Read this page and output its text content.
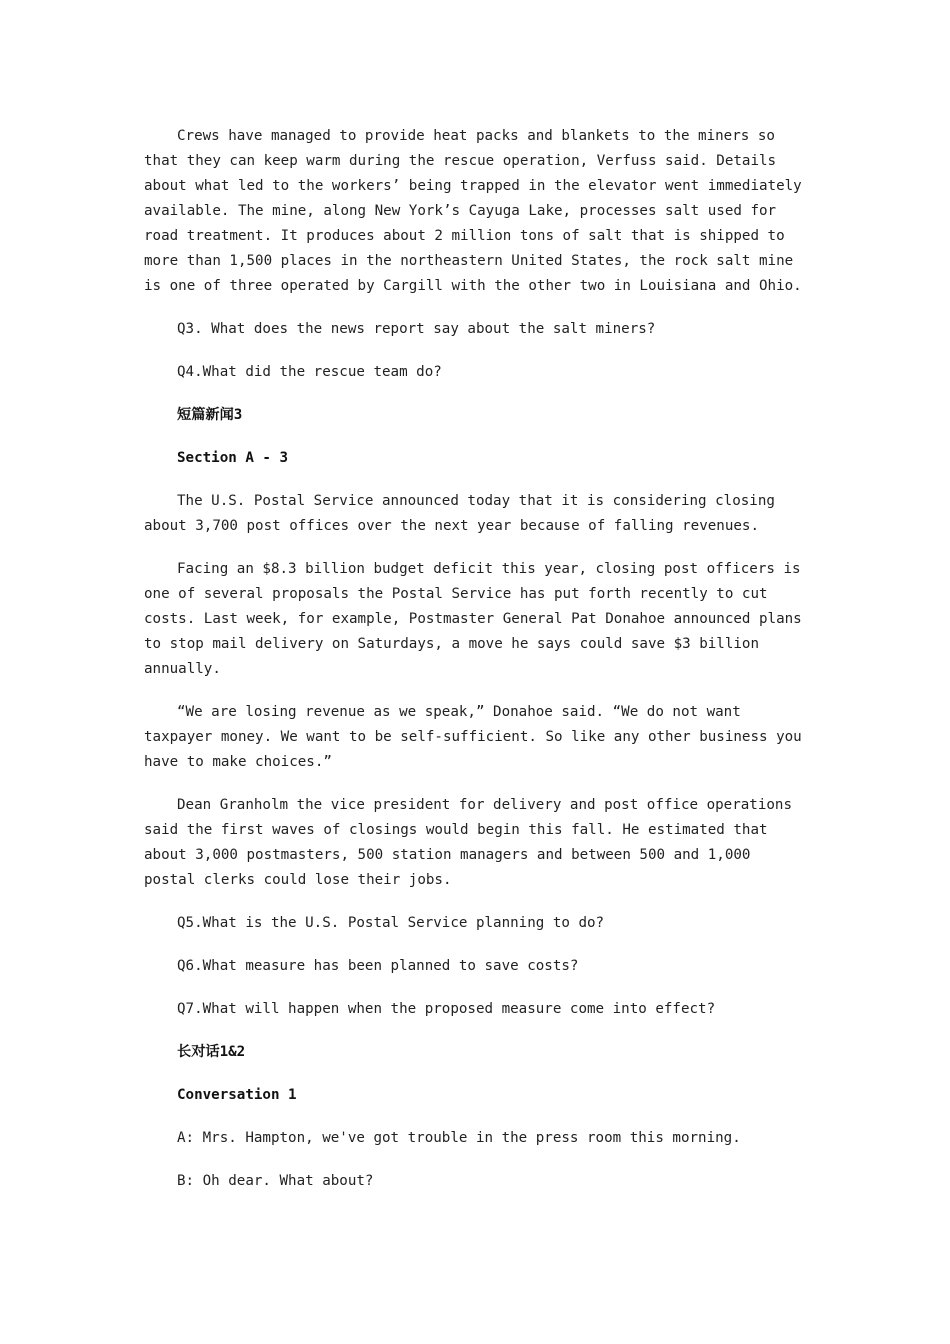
Crews have managed to provide heat packs and blankets to the miners so that they can keep warm during the rescue operation, Verfuss said. Details about what led to the workers’ being trapped in the elevator went immediately available. The mine, along New York’s Cayuga Lake, processes salt used for road treatment. It produces about 2 million tons of salt that is shipped to more than 1,500 places in the northeastern United States, the rock salt mine is one of three operated by Cargill with the other two in Louisiana and Ohio.

Q3. What does the news report say about the salt miners?

Q4.What did the rescue team do?

短篇新闻3

Section A - 3

The U.S. Postal Service announced today that it is considering closing about 3,700 post offices over the next year because of falling revenues.

Facing an $8.3 billion budget deficit this year, closing post officers is one of several proposals the Postal Service has put forth recently to cut costs. Last week, for example, Postmaster General Pat Donahoe announced plans to stop mail delivery on Saturdays, a move he says could save $3 billion annually.

“We are losing revenue as we speak,” Donahoe said. “We do not want taxpayer money. We want to be self-sufficient. So like any other business you have to make choices.”

Dean Granholm the vice president for delivery and post office operations said the first waves of closings would begin this fall. He estimated that about 3,000 postmasters, 500 station managers and between 500 and 1,000 postal clerks could lose their jobs.

Q5.What is the U.S. Postal Service planning to do?

Q6.What measure has been planned to save costs?

Q7.What will happen when the proposed measure come into effect?

长对话1&2

Conversation 1

A: Mrs. Hampton, we've got trouble in the press room this morning.

B: Oh dear. What about?
